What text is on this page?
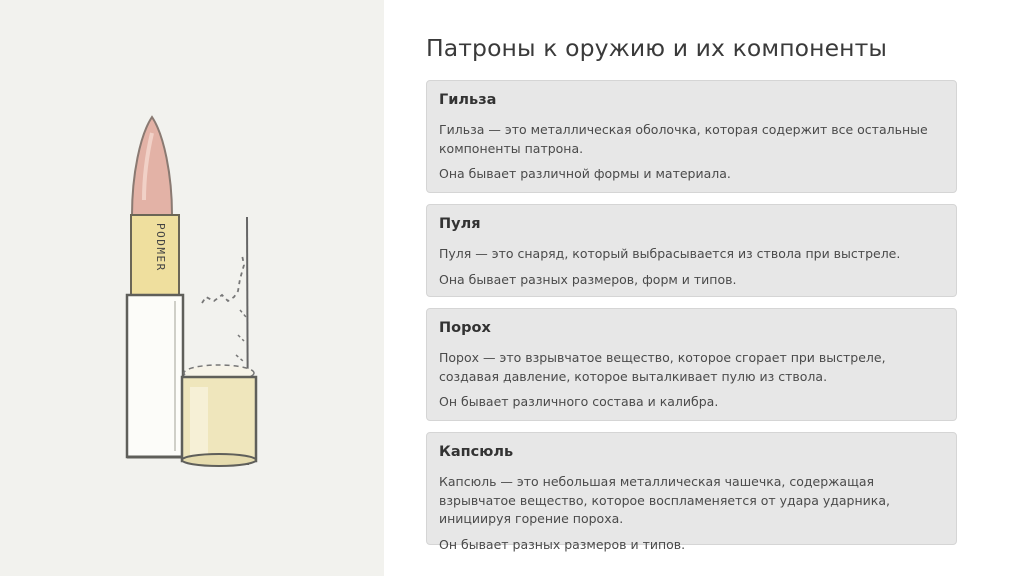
PODMER
Патроны к оружию и их компоненты
Гильза

Гильза — это металлическая оболочка, которая содержит все остальные компоненты патрона.

Она бывает различной формы и материала.

Пуля

Пуля — это снаряд, который выбрасывается из ствола при выстреле.

Она бывает разных размеров, форм и типов.

Порох

Порох — это взрывчатое вещество, которое сгорает при выстреле, создавая давление, которое выталкивает пулю из ствола.

Он бывает различного состава и калибра.

Капсюль

Капсюль — это небольшая металлическая чашечка, содержащая взрывчатое вещество, которое воспламеняется от удара ударника, инициируя горение пороха.

Он бывает разных размеров и типов.
